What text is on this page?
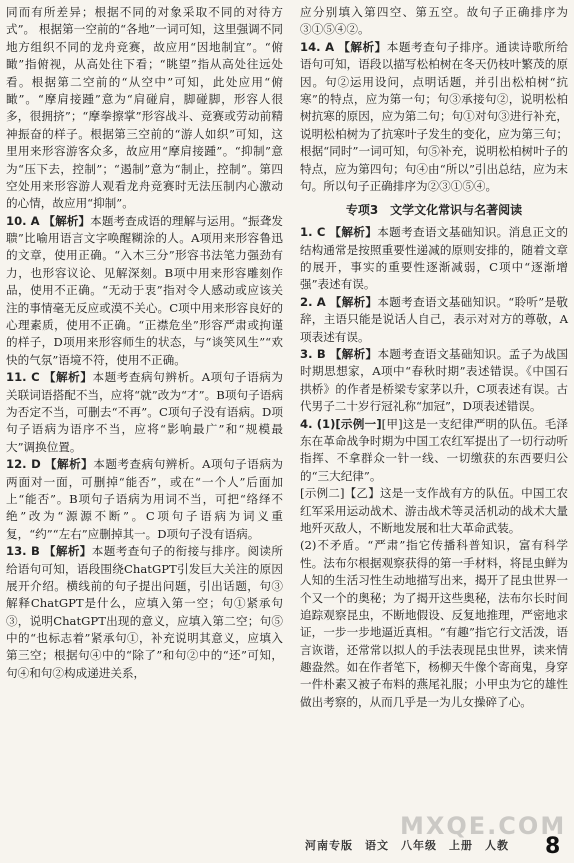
同而有所差异；根据不同的对象采取不同的对待方式”。 根据第一空前的“各地”一词可知，这里强调不同地方组织不同的龙舟竞赛，故应用“因地制宜”。“俯瞰”指俯视，从高处往下看；“眺望”指从高处往远处看。根据第二空前的“从空中”可知，此处应用“俯瞰”。“摩肩接踵”意为“肩碰肩，脚碰脚，形容人很多，很拥挤”；“摩拳擦掌”形容战斗、竞赛或劳动前精神振奋的样子。根据第三空前的“游人如织”可知，这里用来形容游客众多，故应用“摩肩接踵”。“抑制”意为“压下去，控制”；“遏制”意为“制止，控制”。第四空处用来形容游人观看龙舟竞赛时无法压制内心激动的心情，故应用“抑制”。

10. A 【解析】本题考查成语的理解与运用。“振聋发聩”比喻用语言文字唤醒糊涂的人。A项用来形容鲁迅的文章，使用正确。“入木三分”形容书法笔力强劲有力，也形容议论、见解深刻。B项中用来形容雕刻作品，使用不正确。“无动于衷”指对令人感动或应该关注的事情毫无反应或漠不关心。C项中用来形容良好的心理素质，使用不正确。“正襟危坐”形容严肃或拘谨的样子，D项用来形容师生的状态，与“谈笑风生”“欢快的气氛”语境不符，使用不正确。

11. C 【解析】本题考查病句辨析。A项句子语病为关联词语搭配不当，应将“就”改为“才”。B项句子语病为否定不当，可删去“不再”。C项句子没有语病。D项句子语病为语序不当，应将“影响最广”和“规模最大”调换位置。

12. D 【解析】本题考查病句辨析。A项句子语病为两面对一面，可删掉“能否”，或在“一个人”后面加上“能否”。B项句子语病为用词不当，可把“络绎不绝”改为“源源不断”。C项句子语病为词义重复，“约”“左右”应删掉其一。D项句子没有语病。

13. B 【解析】本题考查句子的衔接与排序。阅读所给语句可知，语段围绕ChatGPT引发巨大关注的原因展开介绍。横线前的句子提出问题，引出话题，句③解释ChatGPT是什么，应填入第一空；句①紧承句③，说明ChatGPT出现的意义，应填入第二空；句⑤中的“也标志着”紧承句①，补充说明其意义，应填入第三空；根据句④中的“除了”和句②中的“还”可知，句④和句②构成递进关系，

应分别填入第四空、第五空。故句子正确排序为③①⑤④②。

14. A 【解析】本题考查句子排序。通读诗歌所给语句可知，语段以描写松柏树在冬天仍枝叶繁茂的原因。句②运用设问，点明话题，并引出松柏树“抗寒”的特点，应为第一句；句③承接句②，说明松柏树抗寒的原因，应为第二句；句①对句③进行补充，说明松柏树为了抗寒叶子发生的变化，应为第三句；根据“同时”一词可知，句⑤补充，说明松柏树叶子的特点，应为第四句；句④由“所以”引出总结，应为末句。所以句子正确排序为②③①⑤④。

专项3　文学文化常识与名著阅读

1. C 【解析】本题考查语文基础知识。消息正文的结构通常是按照重要性递减的原则安排的，随着文章的展开，事实的重要性逐渐减弱，C项中“逐渐增强”表述有误。

2. A 【解析】本题考查语文基础知识。“聆听”是敬辞，主语只能是说话人自己，表示对对方的尊敬，A项表述有误。

3. B 【解析】本题考查语文基础知识。孟子为战国时期思想家，A项中“春秋时期”表述错误。《中国石拱桥》的作者是桥梁专家茅以升，C项表述有误。古代男子二十岁行冠礼称“加冠”，D项表述错误。

4. (1)[示例一][甲]这是一支纪律严明的队伍。毛泽东在革命战争时期为中国工农红军提出了一切行动听指挥、不拿群众一针一线、一切缴获的东西要归公的“三大纪律”。

[示例二]【乙】这是一支作战有方的队伍。中国工农红军采用运动战术、游击战术等灵活机动的战术大量地歼灭敌人，不断地发展和壮大革命武装。

(2)不矛盾。“严肃”指它传播科普知识，富有科学性。法布尔根据观察获得的第一手材料，将昆虫鲜为人知的生活习性生动地描写出来，揭开了昆虫世界一个又一个的奥秘；为了揭开这些奥秘，法布尔长时间追踪观察昆虫，不断地假设、反复地推理，严密地求证，一步一步地逼近真相。“有趣”指它行文活泼，语言诙谐，还常常以拟人的手法表现昆虫世界，读来情趣盎然。如在作者笔下，杨柳天牛像个寄商鬼，身穿一件朴素又被子布料的燕尾礼服；小甲虫为它的雄性做出考察的，从而几乎是一为儿女操碎了心。

MXQE.COM
河南专版　语文　八年级　上册　人教 8
